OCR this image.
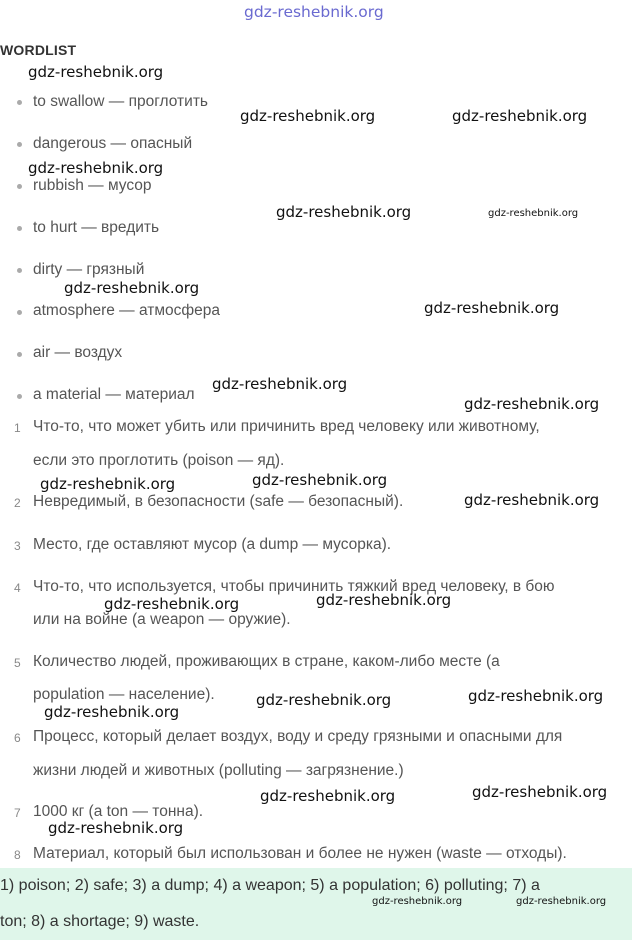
gdz-reshebnik.org
WORDLIST
to swallow — проглотить
dangerous — опасный
rubbish — мусор
to hurt — вредить
dirty — грязный
atmosphere — атмосфера
air — воздух
a material — материал
1 Что-то, что может убить или причинить вред человеку или животному,
если это проглотить (poison — яд).
2 Невредимый, в безопасности (safe — безопасный).
3 Место, где оставляют мусор (a dump — мусорка).
4 Что-то, что используется, чтобы причинить тяжкий вред человеку, в бою
или на войне (a weapon — оружие).
5 Количество людей, проживающих в стране, каком-либо месте (a
population — население).
6 Процесс, который делает воздух, воду и среду грязными и опасными для
жизни людей и животных (polluting — загрязнение.)
7 1000 кг (a ton — тонна).
8 Материал, который был использован и более не нужен (waste — отходы).
1) poison; 2) safe; 3) a dump; 4) a weapon; 5) a population; 6) polluting; 7) a
ton; 8) a shortage; 9) waste.
gdz-reshebnik.org
gdz-reshebnik.org	gdz-reshebnik.org
gdz-reshebnik.org
gdz-reshebnik.org	gdz-reshebnik.org
gdz-reshebnik.org
gdz-reshebnik.org
gdz-reshebnik.org
gdz-reshebnik.org
gdz-reshebnik.org	gdz-reshebnik.org
gdz-reshebnik.org
gdz-reshebnik.org	gdz-reshebnik.org
gdz-reshebnik.org	gdz-reshebnik.org
gdz-reshebnik.org
gdz-reshebnik.org	gdz-reshebnik.org
gdz-reshebnik.org
gdz-reshebnik.org	gdz-reshebnik.org
